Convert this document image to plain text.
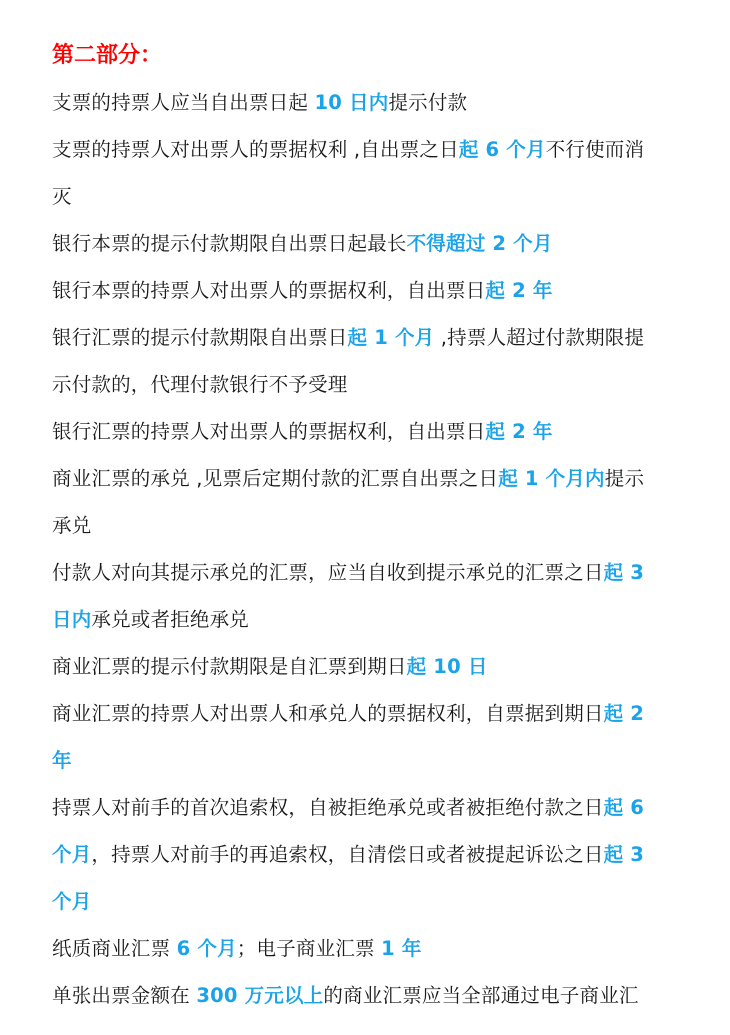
第二部分：
支票的持票人应当自出票日起 10 日内提示付款
支票的持票人对出票人的票据权利 ,自出票之日起 6 个月不行使而消
灭
银行本票的提示付款期限自出票日起最长不得超过 2 个月
银行本票的持票人对出票人的票据权利，自出票日起 2 年
银行汇票的提示付款期限自出票日起 1 个月 ,持票人超过付款期限提
示付款的，代理付款银行不予受理
银行汇票的持票人对出票人的票据权利，自出票日起 2 年
商业汇票的承兑 ,见票后定期付款的汇票自出票之日起 1 个月内提示
承兑
付款人对向其提示承兑的汇票，应当自收到提示承兑的汇票之日起 3
日内承兑或者拒绝承兑
商业汇票的提示付款期限是自汇票到期日起 10 日
商业汇票的持票人对出票人和承兑人的票据权利，自票据到期日起 2
年
持票人对前手的首次追索权，自被拒绝承兑或者被拒绝付款之日起 6
个月，持票人对前手的再追索权，自清偿日或者被提起诉讼之日起 3
个月
纸质商业汇票 6 个月；电子商业汇票 1 年
单张出票金额在 300 万元以上的商业汇票应当全部通过电子商业汇
